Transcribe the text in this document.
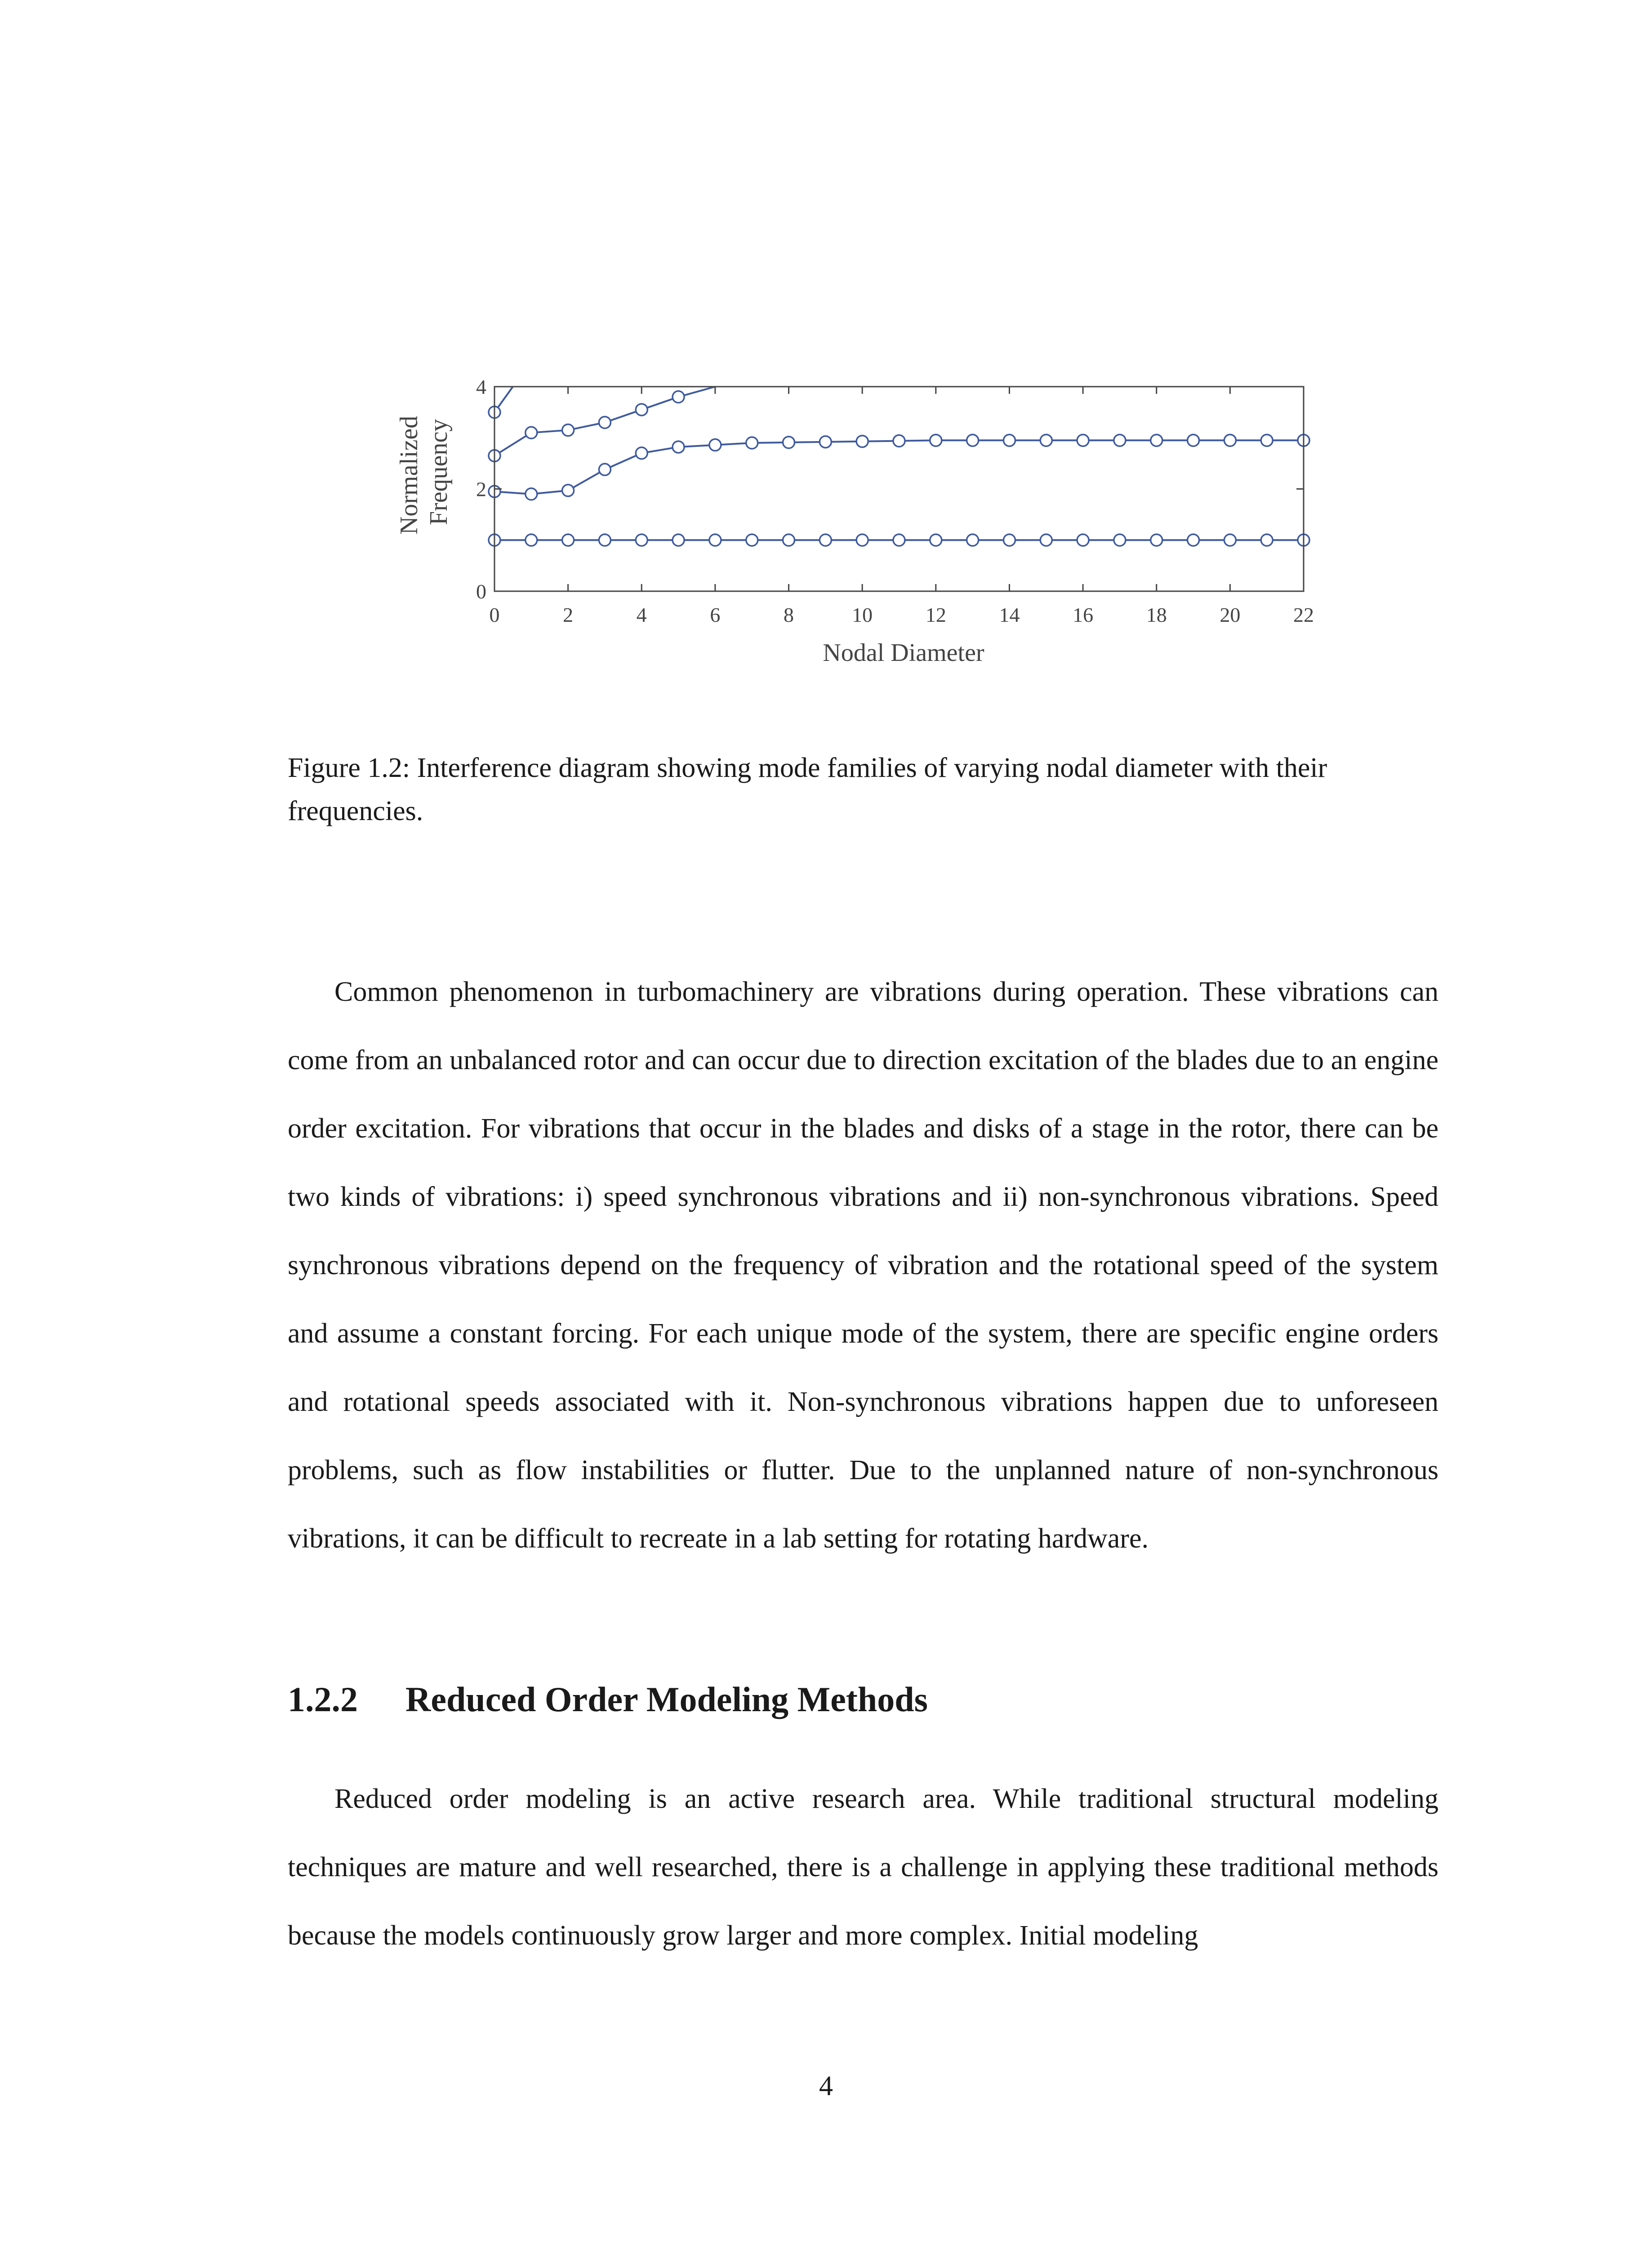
0	2	4	6	8	10	12	14	16	18	20	22
0
2
4
Nodal Diameter
Normalized Frequency

Figure 1.2: Interference diagram showing mode families of varying nodal diameter with their frequencies.

Common phenomenon in turbomachinery are vibrations during operation. These vibrations can come from an unbalanced rotor and can occur due to direction excitation of the blades due to an engine order excitation. For vibrations that occur in the blades and disks of a stage in the rotor, there can be two kinds of vibrations: i) speed synchronous vibrations and ii) non-synchronous vibrations. Speed synchronous vibrations depend on the frequency of vibration and the rotational speed of the system and assume a constant forcing. For each unique mode of the system, there are specific engine orders and rotational speeds associated with it. Non-synchronous vibrations happen due to unforeseen problems, such as flow instabilities or flutter. Due to the unplanned nature of non-synchronous vibrations, it can be difficult to recreate in a lab setting for rotating hardware.

1.2.2 Reduced Order Modeling Methods

Reduced order modeling is an active research area. While traditional structural modeling techniques are mature and well researched, there is a challenge in applying these traditional methods because the models continuously grow larger and more complex. Initial modeling

4
